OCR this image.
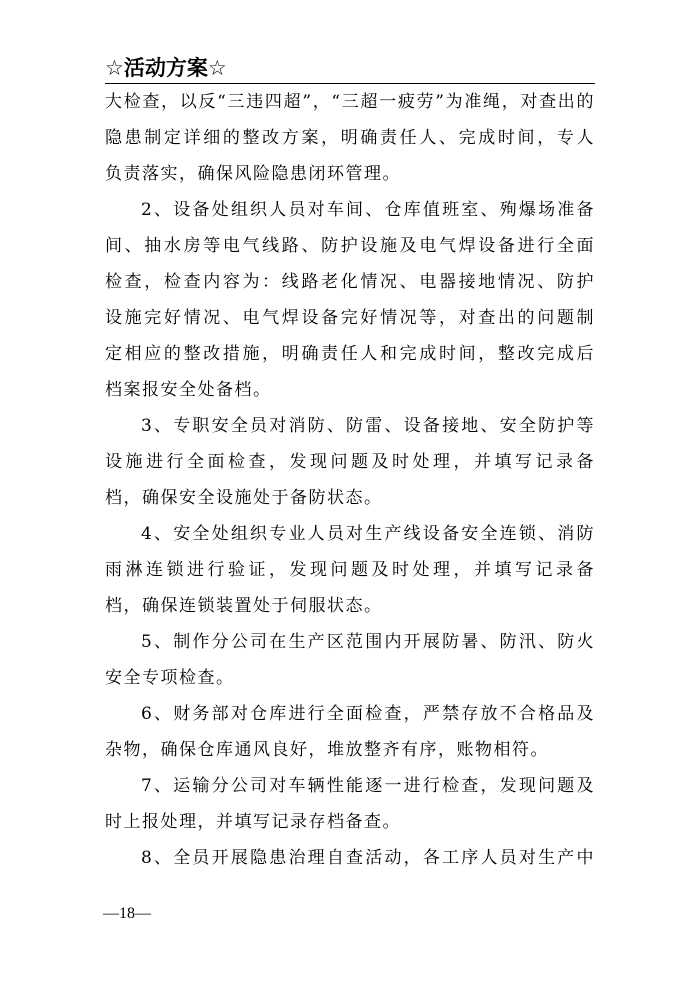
☆活动方案☆

大检查，以反“三违四超”，“三超一疲劳”为准绳，对查出的
隐患制定详细的整改方案，明确责任人、完成时间，专人
负责落实，确保风险隐患闭环管理。

2、设备处组织人员对车间、仓库值班室、殉爆场准备
间、抽水房等电气线路、防护设施及电气焊设备进行全面
检查，检查内容为：线路老化情况、电器接地情况、防护
设施完好情况、电气焊设备完好情况等，对查出的问题制
定相应的整改措施，明确责任人和完成时间，整改完成后
档案报安全处备档。

3、专职安全员对消防、防雷、设备接地、安全防护等
设施进行全面检查，发现问题及时处理，并填写记录备
档，确保安全设施处于备防状态。

4、安全处组织专业人员对生产线设备安全连锁、消防
雨淋连锁进行验证，发现问题及时处理，并填写记录备
档，确保连锁装置处于伺服状态。

5、制作分公司在生产区范围内开展防暑、防汛、防火
安全专项检查。

6、财务部对仓库进行全面检查，严禁存放不合格品及
杂物，确保仓库通风良好，堆放整齐有序，账物相符。

7、运输分公司对车辆性能逐一进行检查，发现问题及
时上报处理，并填写记录存档备查。

8、全员开展隐患治理自查活动，各工序人员对生产中

—18—
